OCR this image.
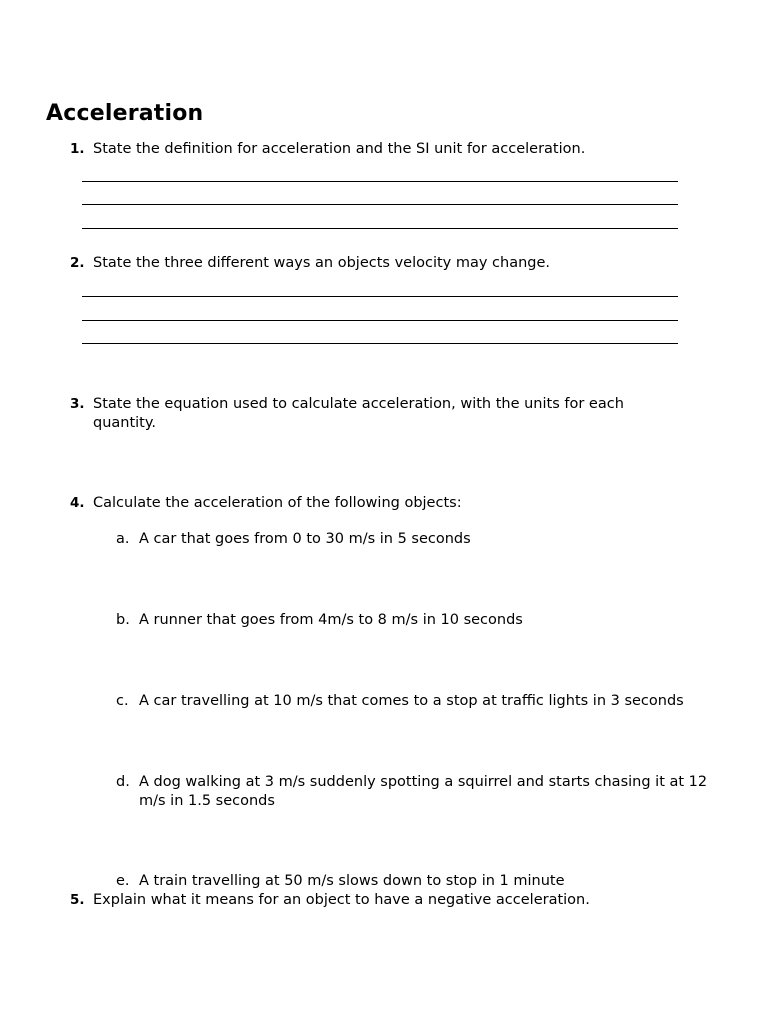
Acceleration
1. State the definition for acceleration and the SI unit for acceleration.
2. State the three different ways an objects velocity may change.
3. State the equation used to calculate acceleration, with the units for each quantity.
4. Calculate the acceleration of the following objects:
a. A car that goes from 0 to 30 m/s in 5 seconds
b. A runner that goes from 4m/s to 8 m/s in 10 seconds
c. A car travelling at 10 m/s that comes to a stop at traffic lights in 3 seconds
d. A dog walking at 3 m/s suddenly spotting a squirrel and starts chasing it at 12 m/s in 1.5 seconds
e. A train travelling at 50 m/s slows down to stop in 1 minute
5. Explain what it means for an object to have a negative acceleration.
